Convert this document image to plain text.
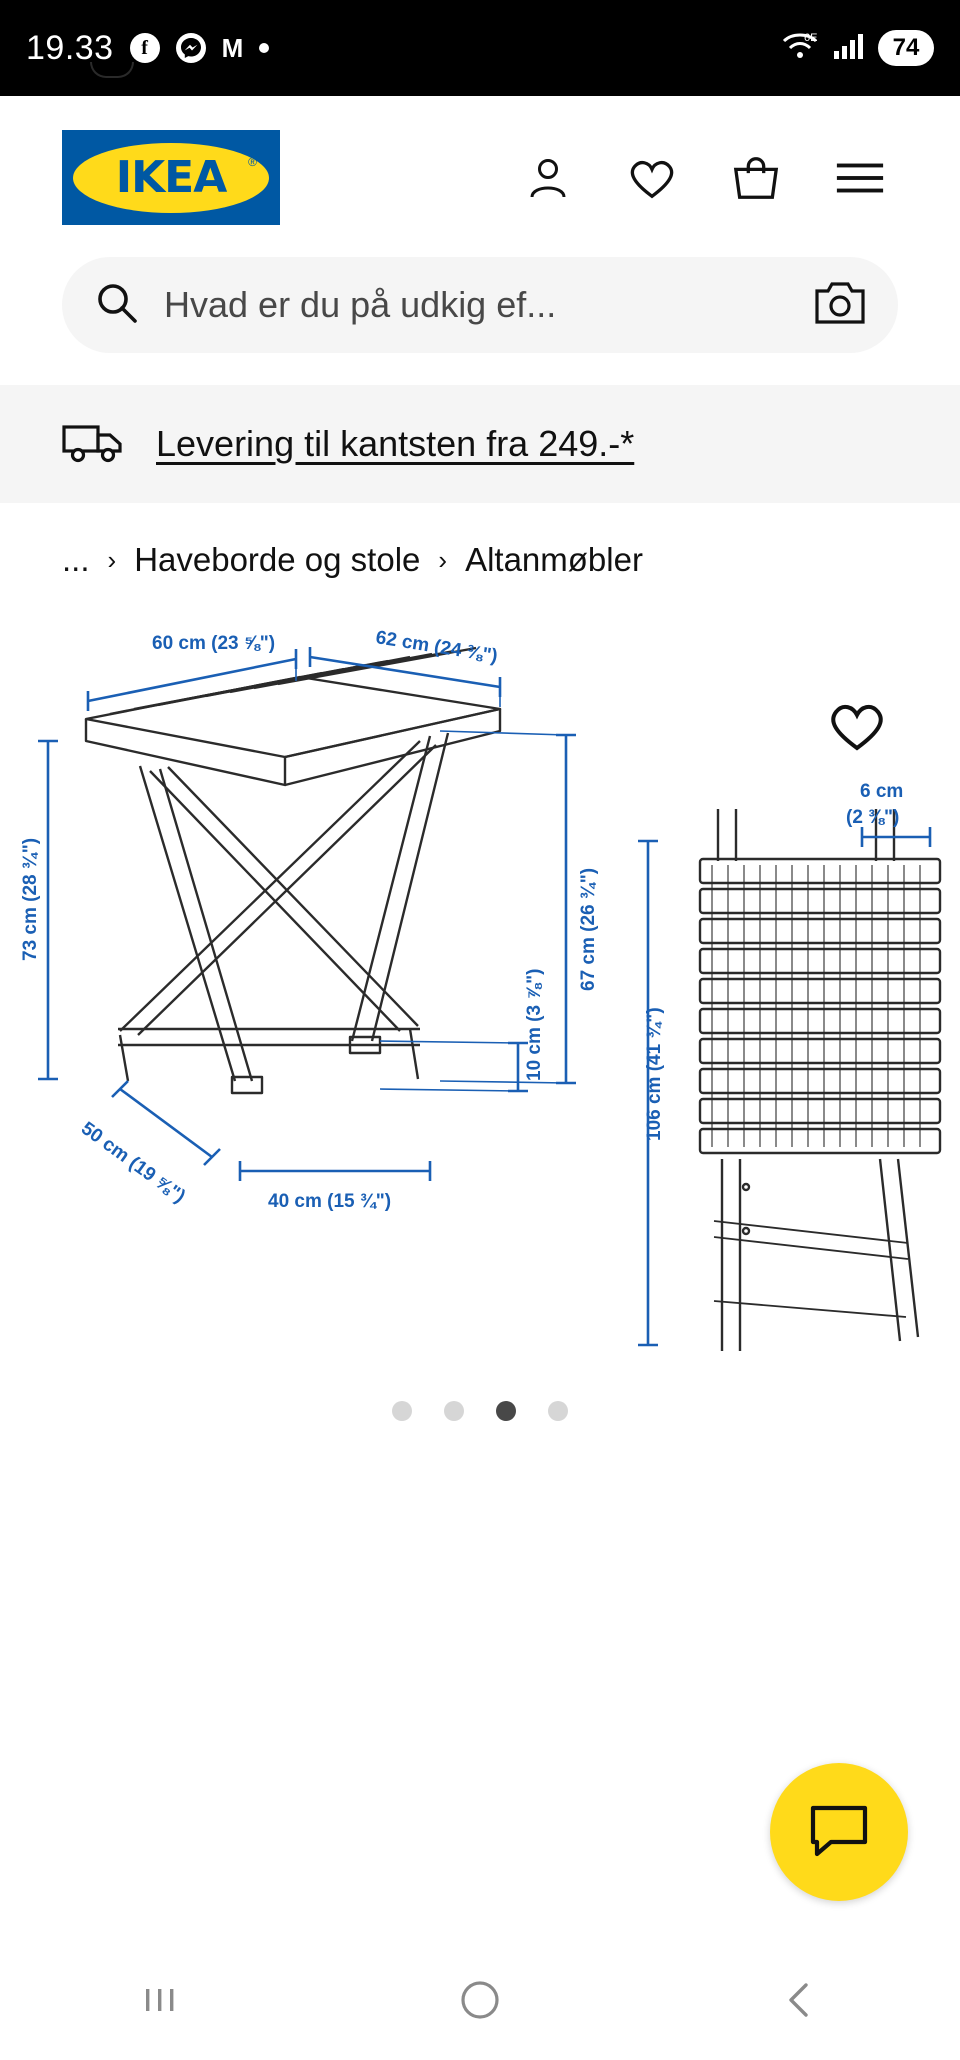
19.33	f	M	6E	74
IKEA ®
Hvad er du på udkig ef...
Levering til kantsten fra 249.-*
... › Haveborde og stole › Altanmøbler
60 cm (23 ⅝")	62 cm (24 ⅜")
73 cm (28 ¾")	67 cm (26 ¾")
50 cm (19 ⅝")	40 cm (15 ¾")
10 cm (3 ⅞")
6 cm
(2 ⅜")
106 cm (41 ¾")
